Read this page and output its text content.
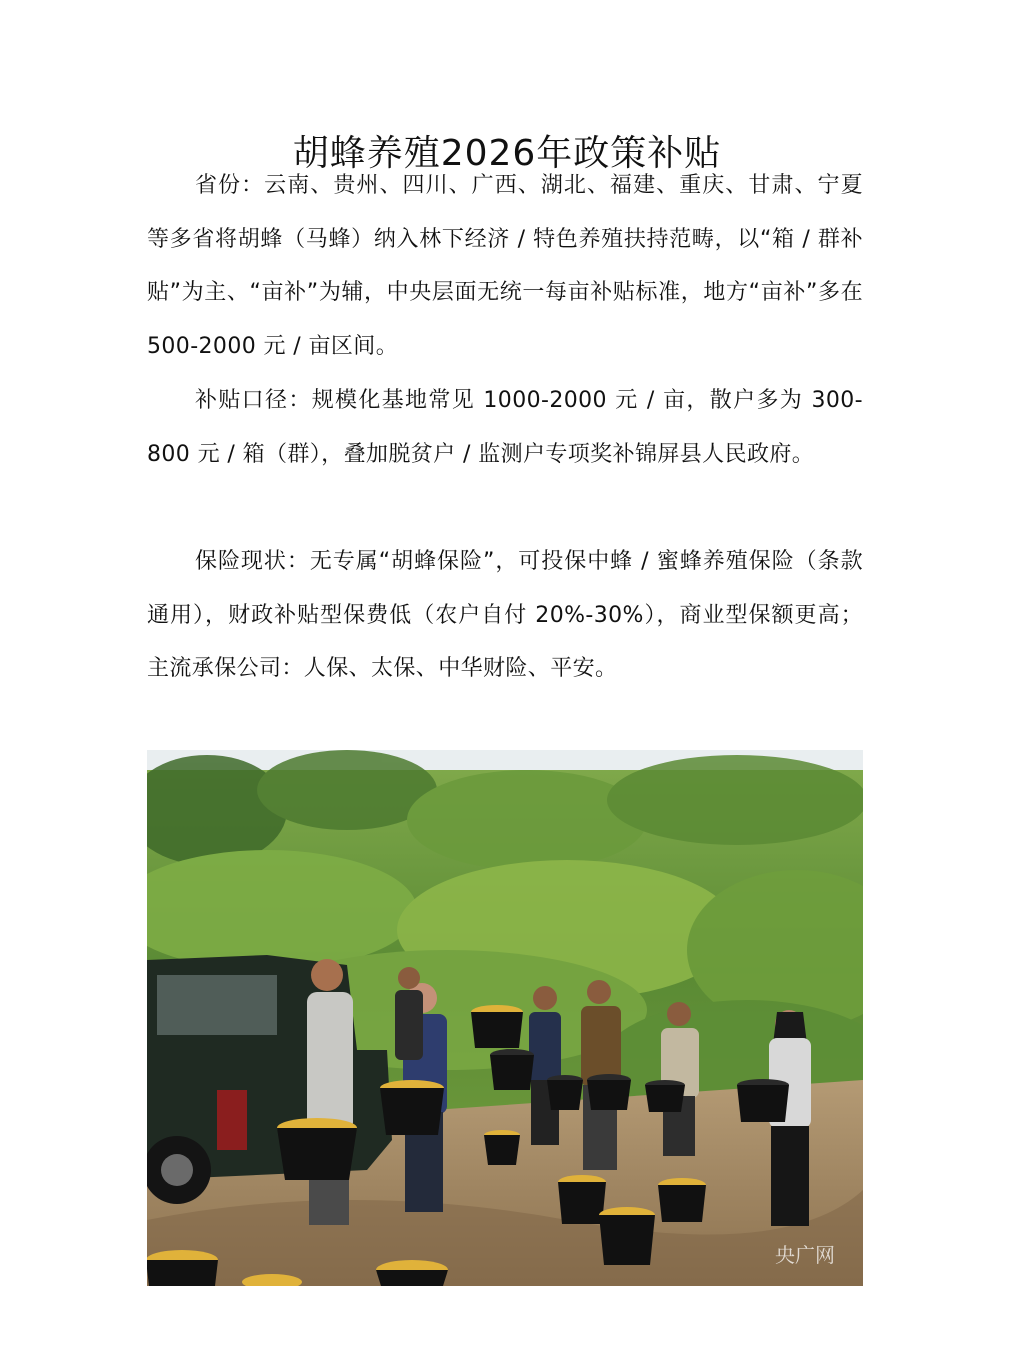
胡蜂养殖2026年政策补贴

省份：云南、贵州、四川、广西、湖北、福建、重庆、甘肃、宁夏等多省将胡蜂（马蜂）纳入林下经济 / 特色养殖扶持范畴，以“箱 / 群补贴”为主、“亩补”为辅，中央层面无统一每亩补贴标准，地方“亩补”多在 500-2000 元 / 亩区间。

补贴口径：规模化基地常见 1000-2000 元 / 亩，散户多为 300-800 元 / 箱（群），叠加脱贫户 / 监测户专项奖补锦屏县人民政府。

保险现状：无专属“胡蜂保险”，可投保中蜂 / 蜜蜂养殖保险（条款通用），财政补贴型保费低（农户自付 20%-30%），商业型保额更高；主流承保公司：人保、太保、中华财险、平安。

央广网
